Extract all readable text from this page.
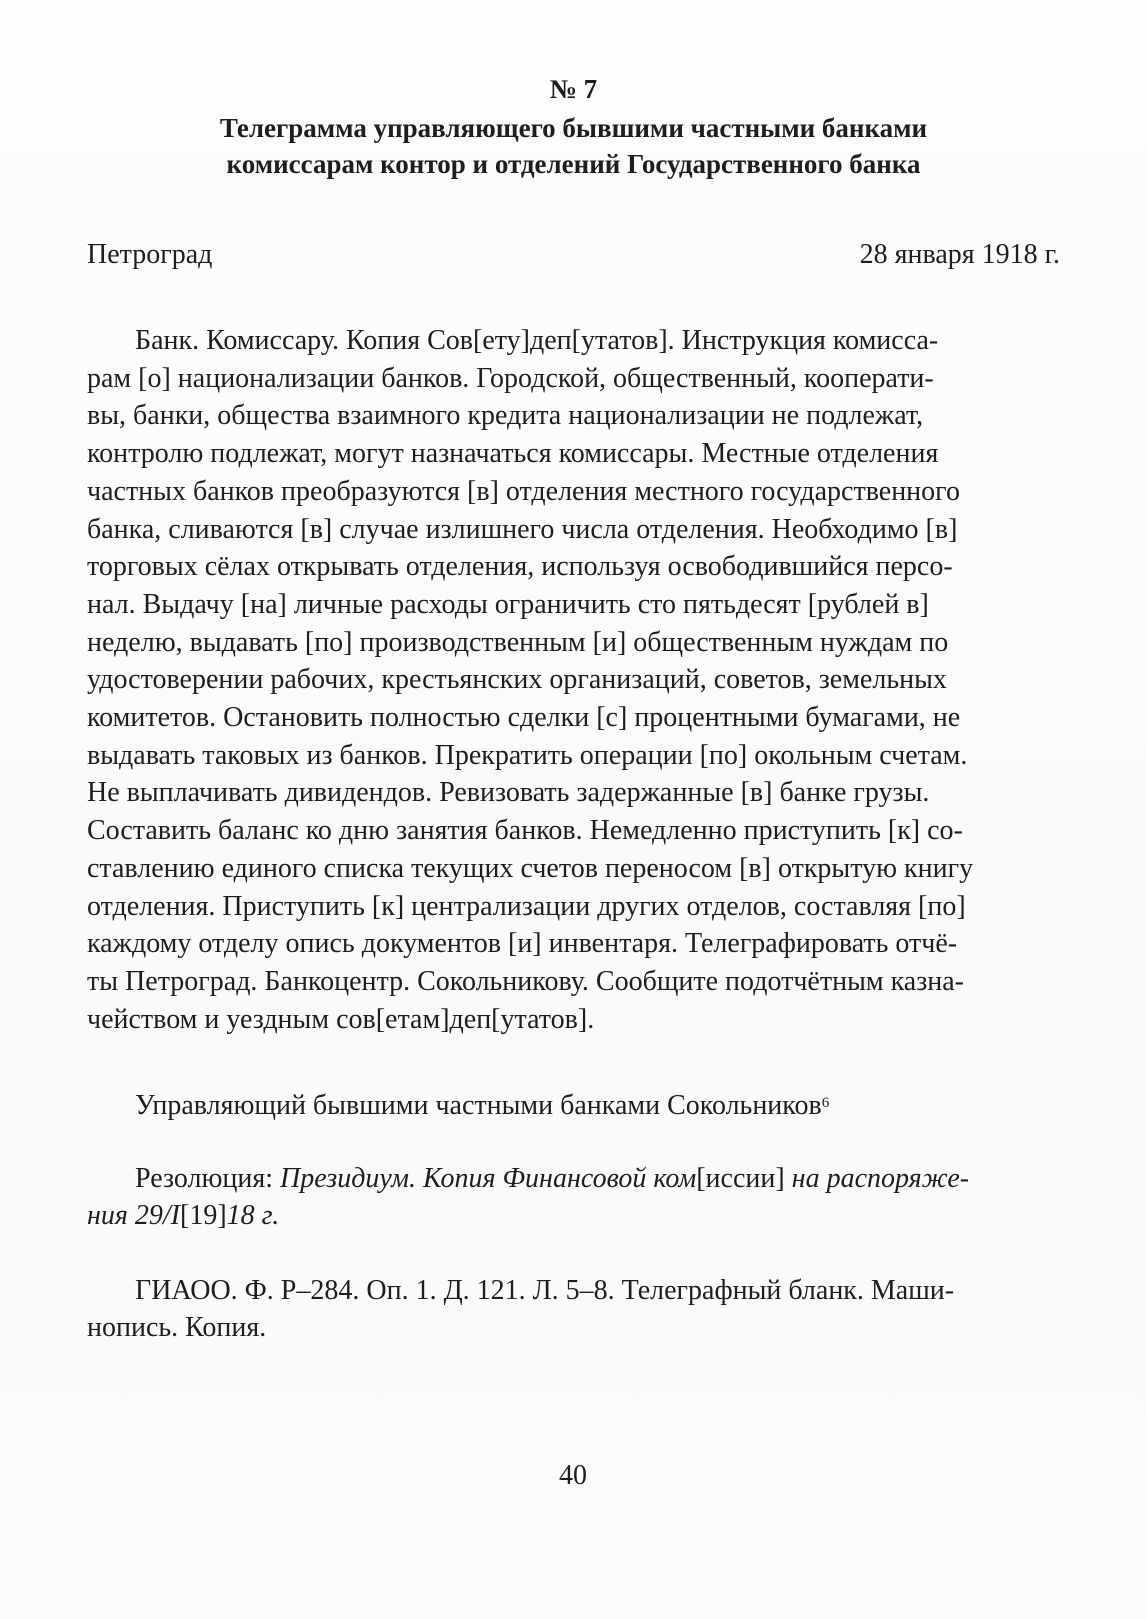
№ 7

Телеграмма управляющего бывшими частными банками
комиссарам контор и отделений Государственного банка
Петроград	28 января 1918 г.
Банк. Комиссару. Копия Сов[ету]деп[утатов]. Инструкция комисса-
рам [о] национализации банков. Городской, общественный, кооперати-
вы, банки, общества взаимного кредита национализации не подлежат,
контролю подлежат, могут назначаться комиссары. Местные отделения
частных банков преобразуются [в] отделения местного государственного
банка, сливаются [в] случае излишнего числа отделения. Необходимо [в]
торговых сёлах открывать отделения, используя освободившийся персо-
нал. Выдачу [на] личные расходы ограничить сто пятьдесят [рублей в]
неделю, выдавать [по] производственным [и] общественным нуждам по
удостоверении рабочих, крестьянских организаций, советов, земельных
комитетов. Остановить полностью сделки [с] процентными бумагами, не
выдавать таковых из банков. Прекратить операции [по] окольным счетам.
Не выплачивать дивидендов. Ревизовать задержанные [в] банке грузы.
Составить баланс ко дню занятия банков. Немедленно приступить [к] со-
ставлению единого списка текущих счетов переносом [в] открытую книгу
отделения. Приступить [к] централизации других отделов, составляя [по]
каждому отделу опись документов [и] инвентаря. Телеграфировать отчё-
ты Петроград. Банкоцентр. Сокольникову. Сообщите подотчётным казна-
чейством и уездным сов[етам]деп[утатов].
Управляющий бывшими частными банками Сокольников$^6$
Резолюция: Президиум. Копия Финансовой ком[иссии] на распоряже-
ния 29/I[19]18 г.
ГИАОО. Ф. Р–284. Оп. 1. Д. 121. Л. 5–8. Телеграфный бланк. Маши-
нопись. Копия.
40
